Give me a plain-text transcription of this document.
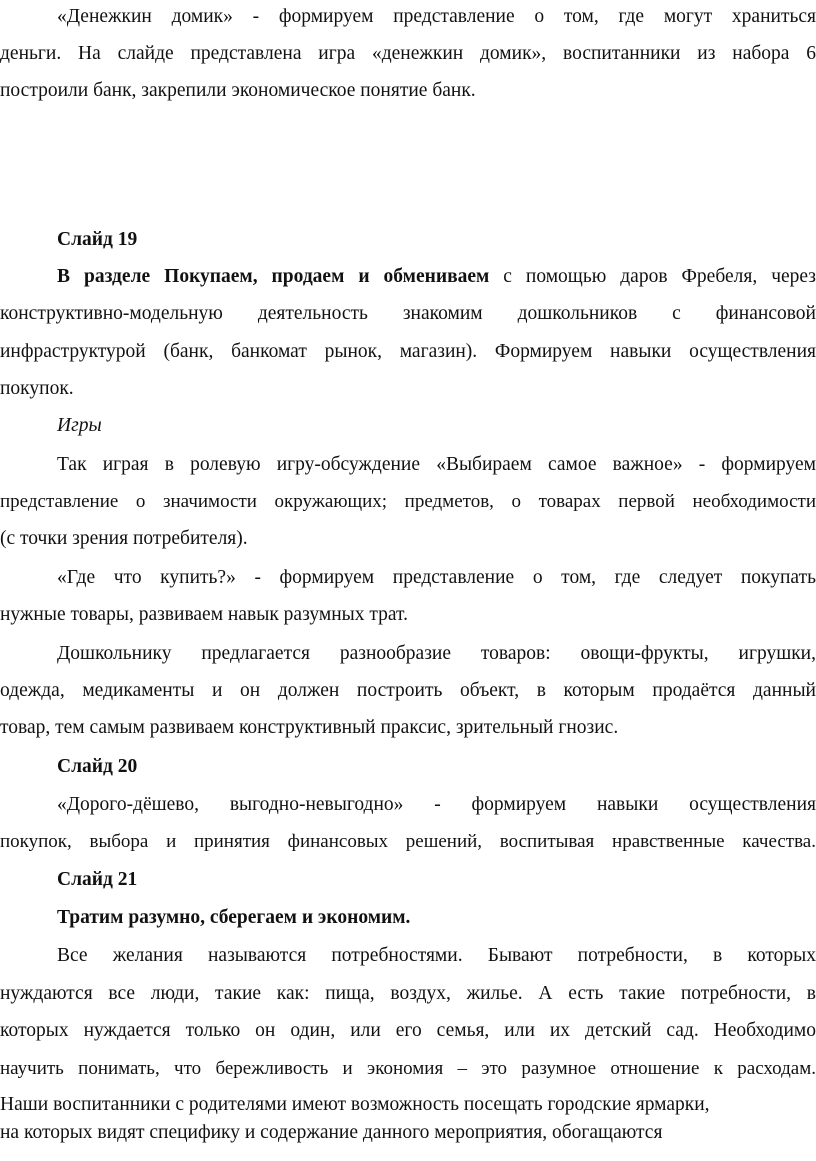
«Денежкин домик» - формируем представление о том, где могут храниться
деньги. На слайде представлена игра «денежкин домик», воспитанники из набора 6
построили банк, закрепили экономическое понятие банк.
Слайд 19
В разделе Покупаем, продаем и обмениваем с помощью даров Фребеля, через
конструктивно-модельную деятельность знакомим дошкольников с финансовой
инфраструктурой (банк, банкомат рынок, магазин). Формируем навыки осуществления
покупок.
Игры
Так играя в ролевую игру-обсуждение «Выбираем самое важное» - формируем
представление о значимости окружающих; предметов, о товарах первой необходимости
(с точки зрения потребителя).
«Где что купить?» - формируем представление о том, где следует покупать
нужные товары, развиваем навык разумных трат.
Дошкольнику предлагается разнообразие товаров: овощи-фрукты, игрушки,
одежда, медикаменты и он должен построить объект, в которым продаётся данный
товар, тем самым развиваем конструктивный праксис, зрительный гнозис.
Слайд 20
«Дорого-дёшево, выгодно-невыгодно» - формируем навыки осуществления
покупок, выбора и принятия финансовых решений, воспитывая нравственные качества.
Слайд 21
Тратим разумно, сберегаем и экономим.
Все желания называются потребностями. Бывают потребности, в которых
нуждаются все люди, такие как: пища, воздух, жилье. А есть такие потребности, в
которых нуждается только он один, или его семья, или их детский сад. Необходимо
научить понимать, что бережливость и экономия – это разумное отношение к расходам.
Наши воспитанники с родителями имеют возможность посещать городские ярмарки,
на которых видят специфику и содержание данного мероприятия, обогащаются
